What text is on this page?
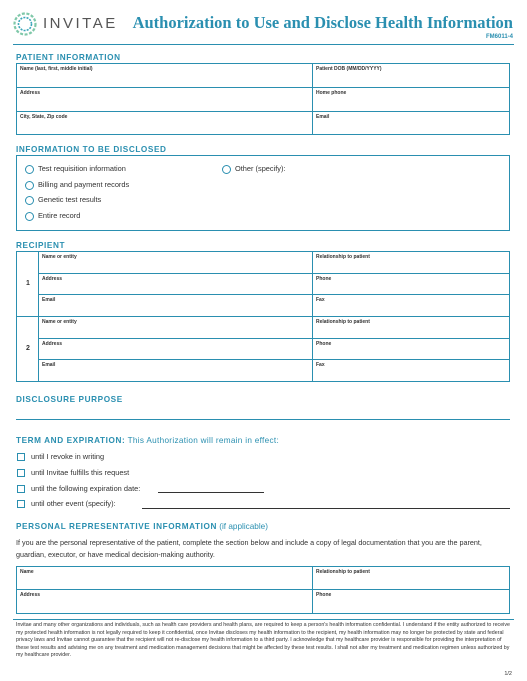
INVITAE Authorization to Use and Disclose Health Information
FM6011-4
PATIENT INFORMATION
Name (last, first, middle initial)	Patient DOB (MM/DD/YYYY)
Address	Home phone
City, State, Zip code	Email
INFORMATION TO BE DISCLOSED
Test requisition information
Billing and payment records
Genetic test results
Entire record
Other (specify):
RECIPIENT
1
Name or entity	Relationship to patient
Address	Phone
Email	Fax
2
Name or entity	Relationship to patient
Address	Phone
Email	Fax
DISCLOSURE PURPOSE
TERM AND EXPIRATION: This Authorization will remain in effect:
until I revoke in writing
until Invitae fulfills this request
until the following expiration date:
until other event (specify):
PERSONAL REPRESENTATIVE INFORMATION (if applicable)
If you are the personal representative of the patient, complete the section below and include a copy of legal documentation that you are the parent, guardian, executor, or have medical decision-making authority.
Name	Relationship to patient
Address	Phone
Invitae and many other organizations and individuals, such as health care providers and health plans, are required to keep a person's health information confidential. I understand if the entity authorized to receive my protected health information is not legally required to keep it confidential, once Invitae discloses my health information to the recipient, my health information may no longer be protected by state and federal privacy laws and Invitae cannot guarantee that the recipient will not re-disclose my health information to a third party. I acknowledge that my healthcare provider is responsible for providing the interpretation of these test results and advising me on any treatment and medication management decisions that might be affected by these test results. I shall not alter my treatment and medication regimen unless authorized by my healthcare provider.
1/2
